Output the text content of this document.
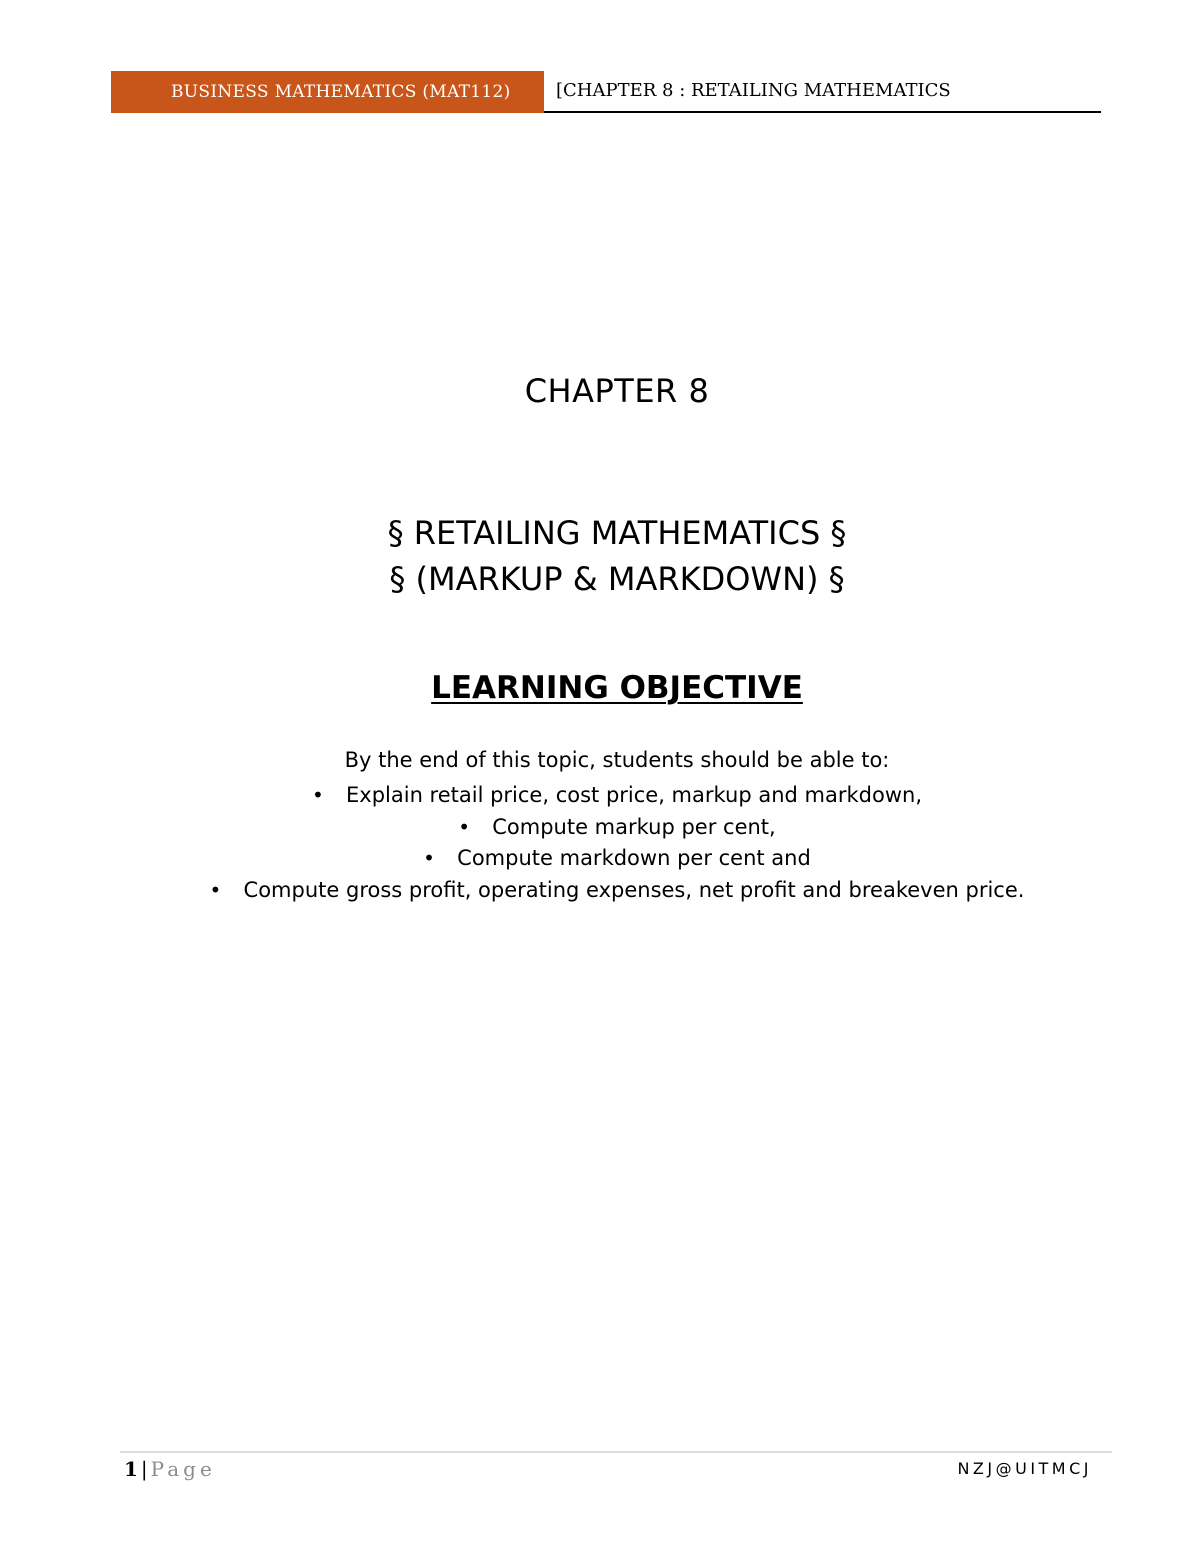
BUSINESS MATHEMATICS (MAT112)	[CHAPTER 8 : RETAILING MATHEMATICS
CHAPTER 8
§ RETAILING MATHEMATICS §
§ (MARKUP & MARKDOWN) §
LEARNING OBJECTIVE
By the end of this topic, students should be able to:
• Explain retail price, cost price, markup and markdown,
• Compute markup per cent,
• Compute markdown per cent and
• Compute gross profit, operating expenses, net profit and breakeven price.
1 | Page	NZJ@UITMCJ
